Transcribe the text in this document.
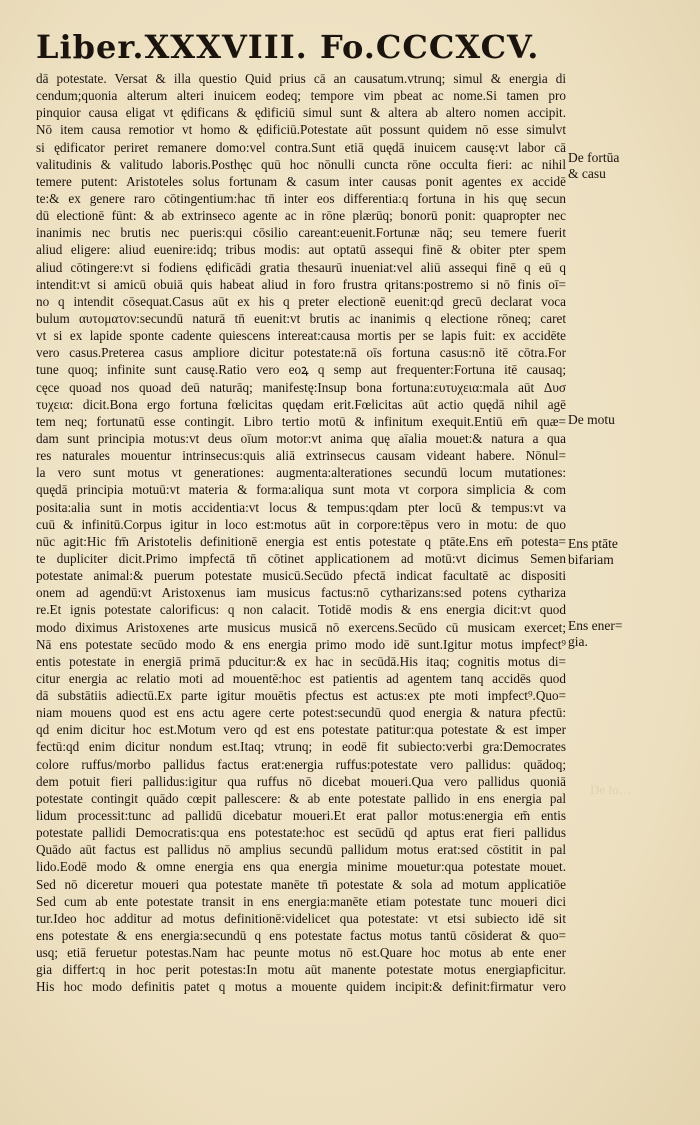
Liber.XXXVIII. Fo.CCCXCV.
dā potestate. Versat & illa questio Quid prius cā an causatum.vtrunq; simul & energia di
cendum;quonia alterum alteri inuicem eodeq; tempore vim pbeat ac nome.Si tamen pro
pinquior causa eligat vt ędificans & ędificiū simul sunt & altera ab altero nomen accipit.
Nō item causa remotior vt homo & ędificiū.Potestate aūt possunt quidem nō esse simulvt
si ędificator periret remanere domo:vel contra.Sunt etiā quędā inuicem causę:vt labor cā
valitudinis & valitudo laboris.Posthęc quū hoc nōnulli cuncta rōne occulta fieri: ac nihil
temere putent: Aristoteles solus fortunam & casum inter causas ponit agentes ex accidē
te:& ex genere raro cōtingentium:hac tn̄ inter eos differentia:q fortuna in his quę secun
dū electionē fūnt: & ab extrinseco agente ac in rōne plærūq; bonorū ponit: quapropter nec
inanimis nec brutis nec pueris:qui cōsilio careant:euenit.Fortunæ nāq; seu temere fuerit
aliud eligere: aliud euenire:idq; tribus modis: aut optatū assequi finē & obiter pter spem
aliud cōtingere:vt si fodiens ędificādi gratia thesaurū inueniat:vel aliū assequi finē q eū q
intendit:vt si amicū obuiā quis habeat aliud in foro frustra qritans:postremo si nō finis oī=
no q intendit cōsequat.Casus aūt ex his q preter electionē euenit:qd grecū declarat voca
bulum αυτοματον:secundū naturā tn̄ euenit:vt brutis ac inanimis q electione rōneq; caret
vt si ex lapide sponte cadente quiescens intereat:causa mortis per se lapis fuit: ex accidēte
vero casus.Preterea casus ampliore dicitur potestate:nā oīs fortuna casus:nō itē cōtra.For
tune quoq; infinite sunt causę.Ratio vero eoꝝ q semp aut frequenter:Fortuna itē causaq;
cęce quoad nos quoad deū naturāq; manifestę:Insup bona fortuna:ευτυχεια:mala aūt Δυσ
τυχεια: dicit.Bona ergo fortuna fœlicitas quędam erit.Fœlicitas aūt actio quędā nihil agē
tem neq; fortunatū esse contingit. Libro tertio motū & infinitum exequit.Entiū em̄ quæ=
dam sunt principia motus:vt deus oīum motor:vt anima quę aīalia mouet:& natura a qua
res naturales mouentur intrinsecus:quis aliā extrinsecus causam videant habere. Nōnul=
la vero sunt motus vt generationes: augmenta:alterationes secundū locum mutationes:
quędā principia motuū:vt materia & forma:aliqua sunt mota vt corpora simplicia & com
posita:alia sunt in motis accidentia:vt locus & tempus:qdam pter locū & tempus:vt va
cuū & infinitū.Corpus igitur in loco est:motus aūt in corpore:tēpus vero in motu: de quo
nūc agit:Hic fm̄ Aristotelis definitionē energia est entis potestate q ptāte.Ens em̄ potesta=
te dupliciter dicit.Primo impfectā tn̄ cōtinet applicationem ad motū:vt dicimus Semen
potestate animal:& puerum potestate musicū.Secūdo pfectā indicat facultatē ac dispositi
onem ad agendū:vt Aristoxenus iam musicus factus:nō cytharizans:sed potens cythariza
re.Et ignis potestate calorificus: q non calacit. Totidē modis & ens energia dicit:vt quod
modo diximus Aristoxenes arte musicus musicā nō exercens.Secūdo cū musicam exercet;
Nā ens potestate secūdo modo & ens energia primo modo idē sunt.Igitur motus impfect⁹
entis potestate in energiā primā pducitur:& ex hac in secūdā.His itaq; cognitis motus di=
citur energia ac relatio moti ad mouentē:hoc est patientis ad agentem tanq accidēs quod
dā substātiis adiectū.Ex parte igitur mouētis pfectus est actus:ex pte moti impfect⁹.Quo=
niam mouens quod est ens actu agere certe potest:secundū quod energia & natura pfectū:
qd enim dicitur hoc est.Motum vero qd est ens potestate patitur:qua potestate & est imper
fectū:qd enim dicitur nondum est.Itaq; vtrunq; in eodē fit subiecto:verbi gra:Democrates
colore ruffus/morbo pallidus factus erat:energia ruffus:potestate vero pallidus: quādoq;
dem potuit fieri pallidus:igitur qua ruffus nō dicebat moueri.Qua vero pallidus quoniā
potestate contingit quādo cœpit pallescere: & ab ente potestate pallido in ens energia pal
lidum processit:tunc ad pallidū dicebatur moueri.Et erat pallor motus:energia em̄ entis
potestate pallidi Democratis:qua ens potestate:hoc est secūdū qd aptus erat fieri pallidus
Quādo aūt factus est pallidus nō amplius secundū pallidum motus erat:sed cōstitit in pal
lido.Eodē modo & omne energia ens qua energia minime mouetur:qua potestate mouet.
Sed nō diceretur moueri qua potestate manēte tn̄ potestate & sola ad motum applicatiōe
Sed cum ab ente potestate transit in ens energia:manēte etiam potestate tunc moueri dici
tur.Ideo hoc additur ad motus definitionē:videlicet qua potestate: vt etsi subiecto idē sit
ens potestate & ens energia:secundū q ens potestate factus motus tantū cōsiderat & quo=
usq; etiā feruetur potestas.Nam hac peunte motus nō est.Quare hoc motus ab ente ener
gia differt:q in hoc perit potestas:In motu aūt manente potestate motus energiapficitur.
His hoc modo definitis patet q motus a mouente quidem incipit:& definit:firmatur vero
De fortūa
& casu
De motu
Ens ptāte
bifariam
Ens ener=
gia.
De lo…
